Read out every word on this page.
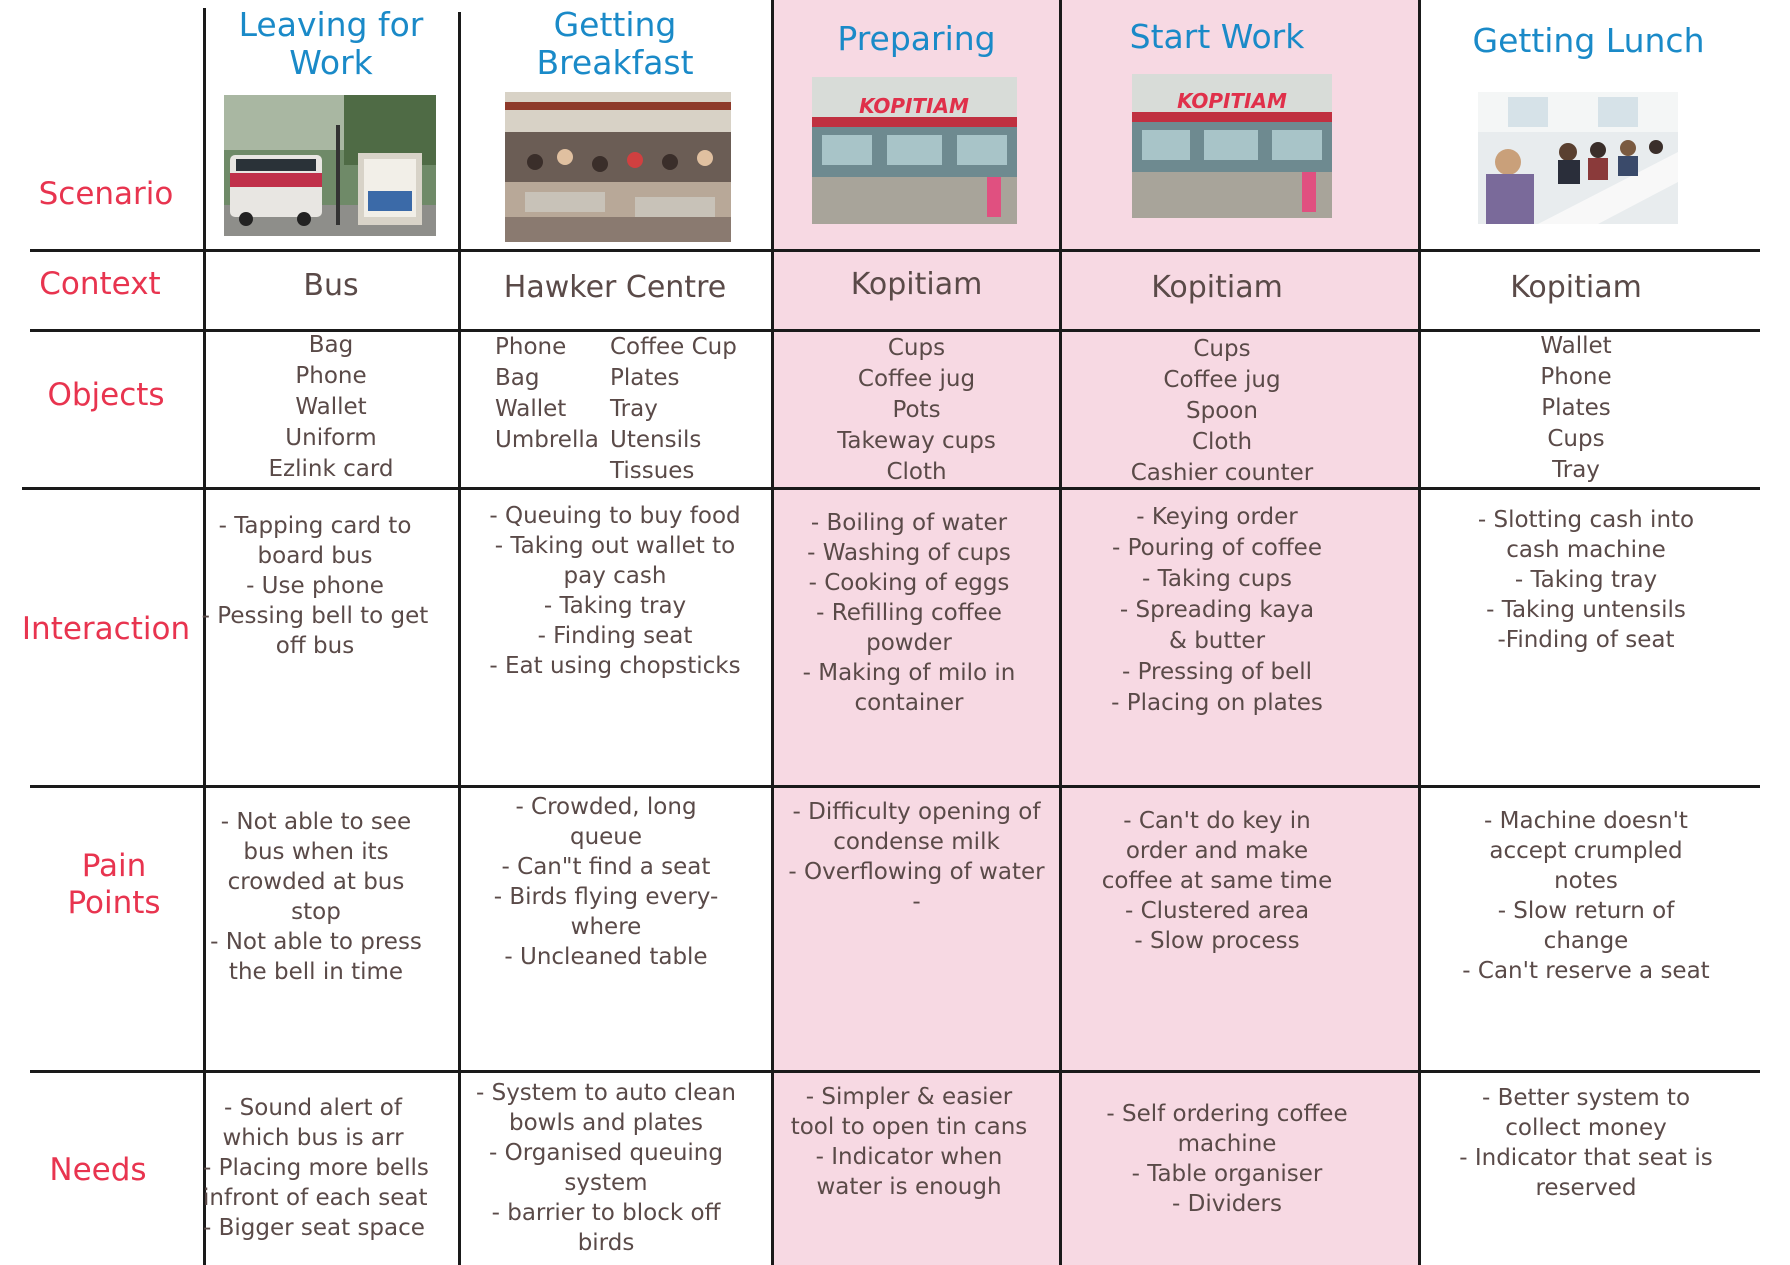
Scenario
Context
Objects
Interaction
Pain
Points
Needs
Leaving for
Work
Bus
Bag
Phone
Wallet
Uniform
Ezlink card
- Tapping card to
board bus
- Use phone
- Pessing bell to get
off bus
- Not able to see
bus when its
crowded at bus
stop
- Not able to press
the bell in time
- Sound alert of
which bus is arr
- Placing more bells
infront of each seat
- Bigger seat space
Getting
Breakfast
Hawker Centre
Phone
Bag
Wallet
Umbrella
Coffee Cup
Plates
Tray
Utensils
Tissues
- Queuing to buy food
- Taking out wallet to
pay cash
- Taking tray
- Finding seat
- Eat using chopsticks
- Crowded, long
queue
- Can"t find a seat
- Birds flying every-
where
- Uncleaned table
- System to auto clean
bowls and plates
- Organised queuing
system
- barrier to block off
birds
Preparing
KOPITIAM
Kopitiam
Cups
Coffee jug
Pots
Takeway cups
Cloth
- Boiling of water
- Washing of cups
- Cooking of eggs
- Refilling coffee
powder
- Making of milo in
container
- Difficulty opening of
condense milk
- Overflowing of water
-
- Simpler & easier
tool to open tin cans
- Indicator when
water is enough
Start Work
KOPITIAM
Kopitiam
Cups
Coffee jug
Spoon
Cloth
Cashier counter
- Keying order
- Pouring of coffee
- Taking cups
- Spreading kaya
& butter
- Pressing of bell
- Placing on plates
- Can't do key in
order and make
coffee at same time
- Clustered area
- Slow process
- Self ordering coffee
machine
- Table organiser
- Dividers
Getting Lunch
Kopitiam
Wallet
Phone
Plates
Cups
Tray
- Slotting cash into
cash machine
- Taking tray
- Taking untensils
-Finding of seat
- Machine doesn't
accept crumpled
notes
- Slow return of
change
- Can't reserve a seat
- Better system to
collect money
- Indicator that seat is
reserved
